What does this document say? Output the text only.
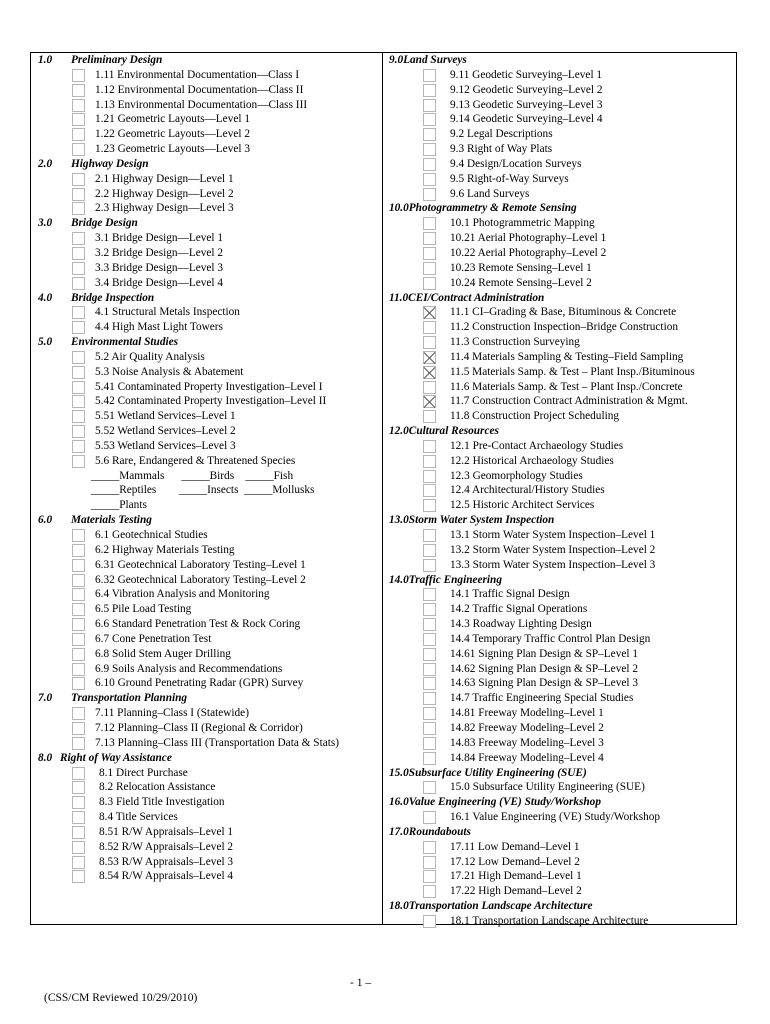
1.0 Preliminary Design
1.11 Environmental Documentation—Class I
1.12 Environmental Documentation—Class II
1.13 Environmental Documentation—Class III
1.21 Geometric Layouts—Level 1
1.22 Geometric Layouts—Level 2
1.23 Geometric Layouts—Level 3
2.0 Highway Design
2.1 Highway Design—Level 1
2.2 Highway Design—Level 2
2.3 Highway Design—Level 3
3.0 Bridge Design
3.1 Bridge Design—Level 1
3.2 Bridge Design—Level 2
3.3 Bridge Design—Level 3
3.4 Bridge Design—Level 4
4.0 Bridge Inspection
4.1 Structural Metals Inspection
4.4 High Mast Light Towers
5.0 Environmental Studies
5.2 Air Quality Analysis
5.3 Noise Analysis & Abatement
5.41 Contaminated Property Investigation–Level I
5.42 Contaminated Property Investigation–Level II
5.51 Wetland Services–Level 1
5.52 Wetland Services–Level 2
5.53 Wetland Services–Level 3
5.6 Rare, Endangered & Threatened Species
_____Mammals      _____Birds    _____Fish
_____Reptiles        _____Insects  _____Mollusks
_____Plants
6.0 Materials Testing
6.1 Geotechnical Studies
6.2 Highway Materials Testing
6.31 Geotechnical Laboratory Testing–Level 1
6.32 Geotechnical Laboratory Testing–Level 2
6.4 Vibration Analysis and Monitoring
6.5 Pile Load Testing
6.6 Standard Penetration Test & Rock Coring
6.7 Cone Penetration Test
6.8 Solid Stem Auger Drilling
6.9 Soils Analysis and Recommendations
6.10 Ground Penetrating Radar (GPR) Survey
7.0 Transportation Planning
7.11 Planning–Class I (Statewide)
7.12 Planning–Class II (Regional & Corridor)
7.13 Planning–Class III (Transportation Data & Stats)
8.0 Right of Way Assistance
8.1 Direct Purchase
8.2 Relocation Assistance
8.3 Field Title Investigation
8.4 Title Services
8.51 R/W Appraisals–Level 1
8.52 R/W Appraisals–Level 2
8.53 R/W Appraisals–Level 3
8.54 R/W Appraisals–Level 4
9.0Land Surveys
9.11 Geodetic Surveying–Level 1
9.12 Geodetic Surveying–Level 2
9.13 Geodetic Surveying–Level 3
9.14 Geodetic Surveying–Level 4
9.2 Legal Descriptions
9.3 Right of Way Plats
9.4 Design/Location Surveys
9.5 Right-of-Way Surveys
9.6 Land Surveys
10.0Photogrammetry & Remote Sensing
10.1 Photogrammetric Mapping
10.21 Aerial Photography–Level 1
10.22 Aerial Photography–Level 2
10.23 Remote Sensing–Level 1
10.24 Remote Sensing–Level 2
11.0CEI/Contract Administration
11.1 CI–Grading & Base, Bituminous & Concrete
11.2 Construction Inspection–Bridge Construction
11.3 Construction Surveying
11.4 Materials Sampling & Testing–Field Sampling
11.5 Materials Samp. & Test – Plant Insp./Bituminous
11.6 Materials Samp. & Test – Plant Insp./Concrete
11.7 Construction Contract Administration & Mgmt.
11.8 Construction Project Scheduling
12.0Cultural Resources
12.1 Pre-Contact Archaeology Studies
12.2 Historical Archaeology Studies
12.3 Geomorphology Studies
12.4 Architectural/History Studies
12.5 Historic Architect Services
13.0Storm Water System Inspection
13.1 Storm Water System Inspection–Level 1
13.2 Storm Water System Inspection–Level 2
13.3 Storm Water System Inspection–Level 3
14.0Traffic Engineering
14.1 Traffic Signal Design
14.2 Traffic Signal Operations
14.3 Roadway Lighting Design
14.4 Temporary Traffic Control Plan Design
14.61 Signing Plan Design & SP–Level 1
14.62 Signing Plan Design & SP–Level 2
14.63 Signing Plan Design & SP–Level 3
14.7 Traffic Engineering Special Studies
14.81 Freeway Modeling–Level 1
14.82 Freeway Modeling–Level 2
14.83 Freeway Modeling–Level 3
14.84 Freeway Modeling–Level 4
15.0Subsurface Utility Engineering (SUE)
15.0 Subsurface Utility Engineering (SUE)
16.0Value Engineering (VE) Study/Workshop
16.1 Value Engineering (VE) Study/Workshop
17.0Roundabouts
17.11 Low Demand–Level 1
17.12 Low Demand–Level 2
17.21 High Demand–Level 1
17.22 High Demand–Level 2
18.0Transportation Landscape Architecture
18.1 Transportation Landscape Architecture
- 1 –
(CSS/CM Reviewed 10/29/2010)
